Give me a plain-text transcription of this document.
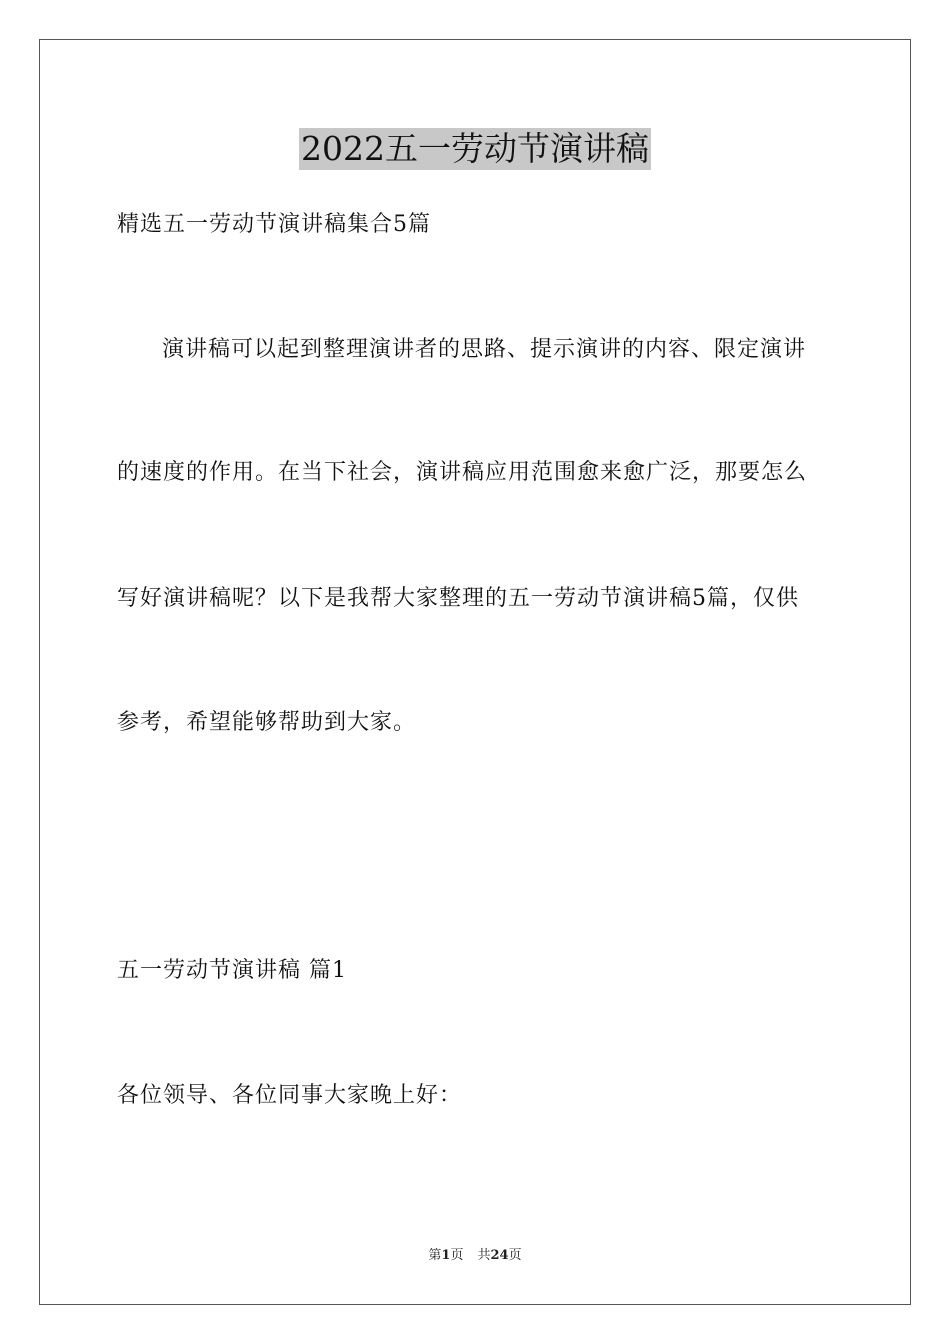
2022五一劳动节演讲稿
精选五一劳动节演讲稿集合5篇
演讲稿可以起到整理演讲者的思路、提示演讲的内容、限定演讲
的速度的作用。在当下社会，演讲稿应用范围愈来愈广泛，那要怎么
写好演讲稿呢？以下是我帮大家整理的五一劳动节演讲稿5篇，仅供
参考，希望能够帮助到大家。
五一劳动节演讲稿 篇1
各位领导、各位同事大家晚上好：
第1页 共24页
